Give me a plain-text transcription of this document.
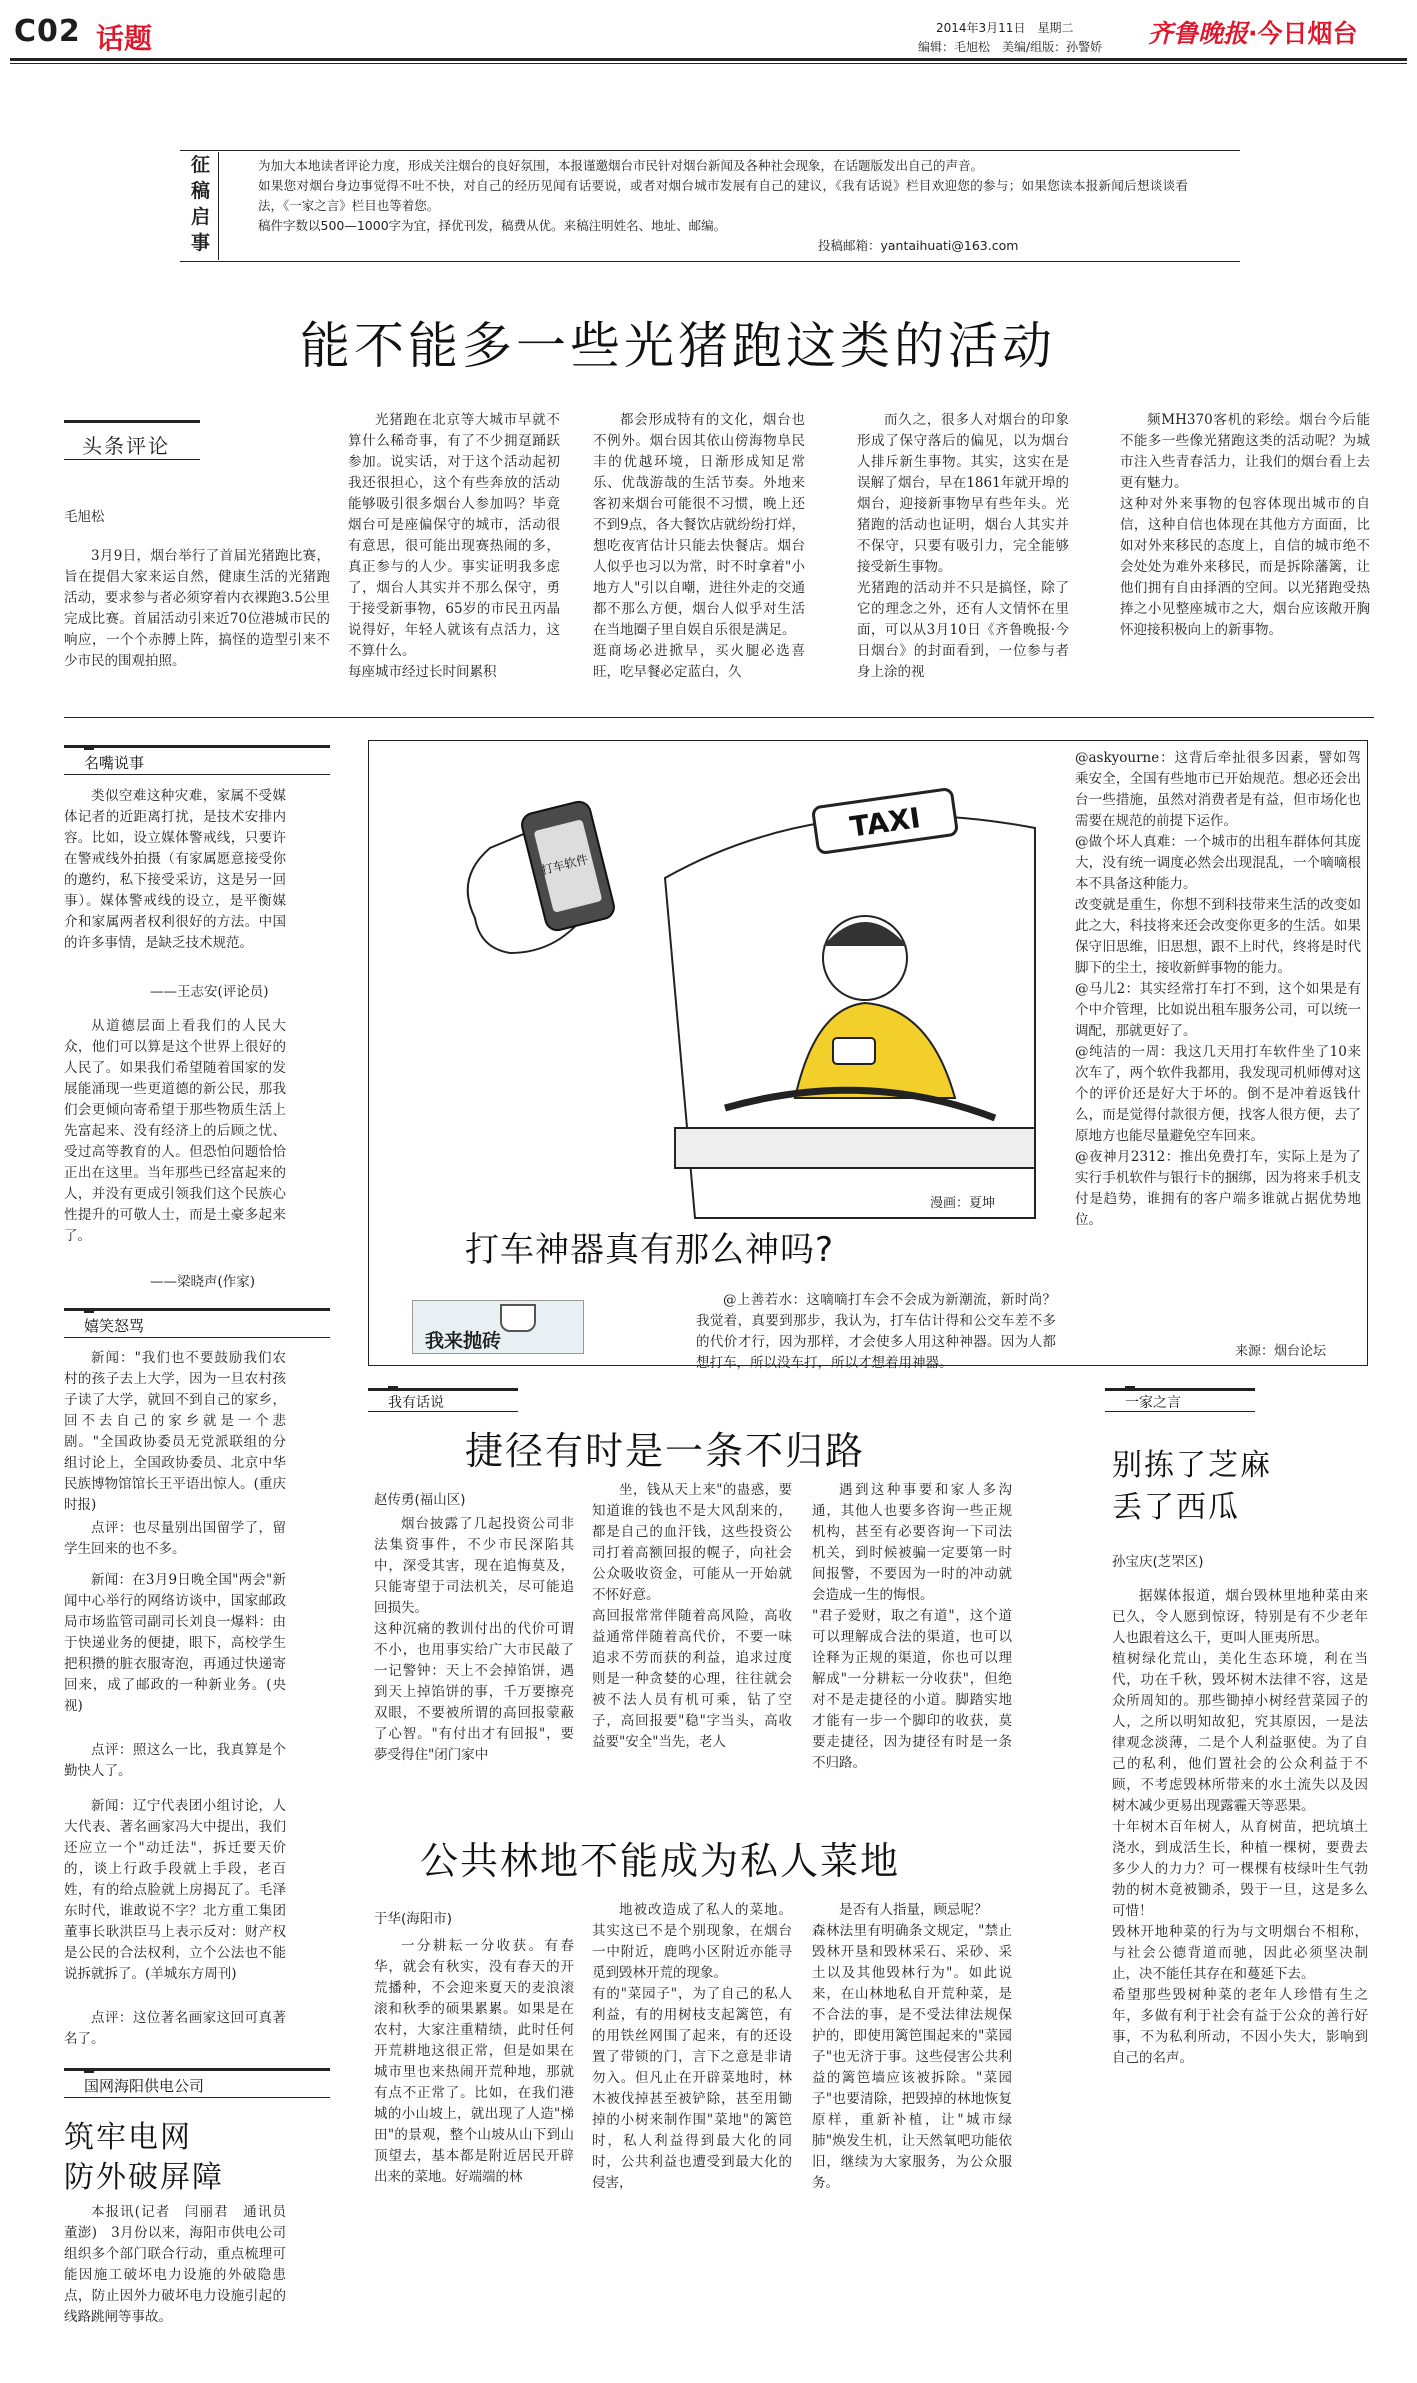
C02 话题	2014年3月11日　 星期二
编辑：毛旭松　 美编/组版：孙警娇 齐鲁晚报·今日烟台
征
稿
启
事
为加大本地读者评论力度，形成关注烟台的良好氛围，本报谨邀烟台市民针对烟台新闻及各种社会现象，在话题版发出自己的声音。
如果您对烟台身边事觉得不吐不快，对自己的经历见闻有话要说，或者对烟台城市发展有自己的建议，《我有话说》栏目欢迎您的参与；如果您读本报新闻后想谈谈看法，《一家之言》栏目也等着您。
稿件字数以500—1000字为宜，择优刊发，稿费从优。来稿注明姓名、地址、邮编。
投稿邮箱：yantaihuati@163.com
能不能多一些光猪跑这类的活动
头条评论
毛旭松
3月9日，烟台举行了首届光猪跑比赛，旨在提倡大家来运自然，健康生活的光猪跑活动，要求参与者必须穿着内衣裸跑3.5公里完成比赛。首届活动引来近70位港城市民的响应，一个个赤膊上阵，搞怪的造型引来不少市民的围观拍照。
光猪跑在北京等大城市早就不算什么稀奇事，有了不少拥趸踊跃参加。说实话，对于这个活动起初我还很担心，这个有些奔放的活动能够吸引很多烟台人参加吗？毕竟烟台可是座偏保守的城市，活动很有意思，很可能出现赛热闹的多，真正参与的人少。事实证明我多虑了，烟台人其实并不那么保守，勇于接受新事物，65岁的市民丑丙晶说得好，年轻人就该有点活力，这不算什么。
每座城市经过长时间累积
都会形成特有的文化，烟台也不例外。烟台因其依山傍海物阜民丰的优越环境，日渐形成知足常乐、优哉游哉的生活节奏。外地来客初来烟台可能很不习惯，晚上还不到9点，各大餐饮店就纷纷打烊，想吃夜宵估计只能去快餐店。烟台人似乎也习以为常，时不时拿着"小地方人"引以自嘲，进往外走的交通都不那么方便，烟台人似乎对生活在当地圈子里自娱自乐很是满足。
逛商场必进掀早，买火腿必选喜旺，吃早餐必定蓝白，久
而久之，很多人对烟台的印象形成了保守落后的偏见，以为烟台人排斥新生事物。其实，这实在是误解了烟台，早在1861年就开埠的烟台，迎接新事物早有些年头。光猪跑的活动也证明，烟台人其实并不保守，只要有吸引力，完全能够接受新生事物。
光猪跑的活动并不只是搞怪，除了它的理念之外，还有人文情怀在里面，可以从3月10日《齐鲁晚报·今日烟台》的封面看到，一位参与者身上涂的视
频MH370客机的彩绘。烟台今后能不能多一些像光猪跑这类的活动呢？为城市注入些青春活力，让我们的烟台看上去更有魅力。
这种对外来事物的包容体现出城市的自信，这种自信也体现在其他方方面面，比如对外来移民的态度上，自信的城市绝不会处处为难外来移民，而是拆除藩篱，让他们拥有自由择酒的空间。以光猪跑受热捧之小见整座城市之大，烟台应该敞开胸怀迎接积极向上的新事物。
名嘴说事
类似空难这种灾难，家属不受媒体记者的近距离打扰，是技术安排内容。比如，设立媒体警戒线，只要许在警戒线外拍摄（有家属愿意接受你的邀约，私下接受采访，这是另一回事）。媒体警戒线的设立，是平衡媒介和家属两者权利很好的方法。中国的许多事情，是缺乏技术规范。
——王志安(评论员)
从道德层面上看我们的人民大众，他们可以算是这个世界上很好的人民了。如果我们希望随着国家的发展能涌现一些更道德的新公民，那我们会更倾向寄希望于那些物质生活上先富起来、没有经济上的后顾之忧、受过高等教育的人。但恐怕问题恰恰正出在这里。当年那些已经富起来的人，并没有更成引领我们这个民族心性提升的可敬人士，而是土豪多起来了。
——梁晓声(作家)
嬉笑怒骂
新闻："我们也不要鼓励我们农村的孩子去上大学，因为一旦农村孩子读了大学，就回不到自己的家乡，回不去自己的家乡就是一个悲剧。"全国政协委员无党派联组的分组讨论上，全国政协委员、北京中华民族博物馆馆长王平语出惊人。(重庆时报)
点评：也尽量别出国留学了，留学生回来的也不多。
新闻：在3月9日晚全国"两会"新闻中心举行的网络访谈中，国家邮政局市场监管司副司长刘良一爆料：由于快递业务的便捷，眼下，高校学生把积攒的脏衣服寄泡，再通过快递寄回来，成了邮政的一种新业务。(央视)
点评：照这么一比，我真算是个勤快人了。
新闻：辽宁代表团小组讨论，人大代表、著名画家冯大中提出，我们还应立一个"动迁法"，拆迁要天价的，谈上行政手段就上手段，老百姓，有的给点脸就上房揭瓦了。毛泽东时代，谁敢说不字？北方重工集团董事长耿洪臣马上表示反对：财产权是公民的合法权利，立个公法也不能说拆就拆了。(羊城东方周刊)
点评：这位著名画家这回可真著名了。
国网海阳供电公司
筑牢电网
防外破屏障
本报讯(记者　闫丽君　通讯员　董澎)　3月份以来，海阳市供电公司组织多个部门联合行动，重点梳理可能因施工破坏电力设施的外破隐患点，防止因外力破坏电力设施引起的线路跳闸等事故。
打车软件
TAXI
漫画：夏坤
打车神器真有那么神吗?
我来抛砖
@上善若水：这嘀嘀打车会不会成为新潮流，新时尚？我觉着，真要到那步，我认为，打车估计得和公交车差不多的代价才行，因为那样，才会使多人用这种神器。因为人都想打车，所以没车打，所以才想着用神器。
@askyourne：这背后牵扯很多因素，譬如驾乘安全，全国有些地市已开始规范。想必还会出台一些措施，虽然对消费者是有益，但市场化也需要在规范的前提下运作。
@做个坏人真难：一个城市的出租车群体何其庞大，没有统一调度必然会出现混乱，一个嘀嘀根本不具备这种能力。
改变就是重生，你想不到科技带来生活的改变如此之大，科技将来还会改变你更多的生活。如果保守旧思维，旧思想，跟不上时代，终将是时代脚下的尘土，接收新鲜事物的能力。
@马儿2：其实经常打车打不到，这个如果是有个中介管理，比如说出租车服务公司，可以统一调配，那就更好了。
@纯洁的一周：我这几天用打车软件坐了10来次车了，两个软件我都用，我发现司机师傅对这个的评价还是好大于坏的。倒不是冲着返钱什么，而是觉得付款很方便，找客人很方便，去了原地方也能尽量避免空车回来。
@夜神月2312：推出免费打车，实际上是为了实行手机软件与银行卡的捆绑，因为将来手机支付是趋势，谁拥有的客户端多谁就占据优势地位。
来源：烟台论坛
我有话说
捷径有时是一条不归路
赵传勇(福山区)
烟台披露了几起投资公司非法集资事件，不少市民深陷其中，深受其害，现在追悔莫及，只能寄望于司法机关，尽可能追回损失。
这种沉痛的教训付出的代价可谓不小，也用事实给广大市民敲了一记警钟：天上不会掉馅饼，遇到天上掉馅饼的事，千万要擦亮双眼，不要被所谓的高回报蒙蔽了心智。"有付出才有回报"，要夢受得住"闭门家中
坐，钱从天上来"的蛊惑，要知道谁的钱也不是大风刮来的，都是自己的血汗钱，这些投资公司打着高额回报的幌子，向社会公众吸收资金，可能从一开始就不怀好意。
高回报常常伴随着高风险，高收益通常伴随着高代价，不要一味追求不劳而获的利益，追求过度则是一种贪婪的心理，往往就会被不法人员有机可乘，钻了空子，高回报要"稳"字当头，高收益要"安全"当先，老人
遇到这种事要和家人多沟通，其他人也要多咨询一些正规机构，甚至有必要咨询一下司法机关，到时候被骗一定要第一时间报警，不要因为一时的冲动就会造成一生的悔恨。
"君子爱财，取之有道"，这个道可以理解成合法的渠道，也可以诠释为正规的渠道，你也可以理解成"一分耕耘一分收获"，但绝对不是走捷径的小道。脚踏实地才能有一步一个脚印的收获，莫要走捷径，因为捷径有时是一条不归路。
公共林地不能成为私人菜地
于华(海阳市)
一分耕耘一分收获。有春华，就会有秋实，没有春天的开荒播种，不会迎来夏天的麦浪滚滚和秋季的硕果累累。如果是在农村，大家注重精绩，此时任何开荒耕地这很正常，但是如果在城市里也来热闹开荒种地，那就有点不正常了。比如，在我们港城的小山坡上，就出现了人造"梯田"的景观，整个山坡从山下到山顶望去，基本都是附近居民开辟出来的菜地。好端端的林
地被改造成了私人的菜地。其实这已不是个别现象，在烟台一中附近，鹿鸣小区附近亦能寻觅到毁林开荒的现象。
有的"菜园子"，为了自己的私人利益，有的用树枝支起篱笆，有的用铁丝网围了起来，有的还设置了带锁的门，言下之意是非请勿入。但凡止在开辟菜地时，林木被伐掉甚至被铲除，甚至用锄掉的小树来制作围"菜地"的篱笆时，私人利益得到最大化的同时，公共利益也遭受到最大化的侵害，
是否有人指量，顾忌呢？
森林法里有明确条文规定，"禁止毁林开垦和毁林采石、采砂、采土以及其他毁林行为"。如此说来，在山林地私自开荒种菜，是不合法的事，是不受法律法规保护的，即使用篱笆围起来的"菜园子"也无济于事。这些侵害公共利益的篱笆墙应该被拆除。"菜园子"也要清除，把毁掉的林地恢复原样，重新补植，让"城市绿肺"焕发生机，让天然氧吧功能依旧，继续为大家服务，为公众服务。
一家之言
别拣了芝麻
丢了西瓜
孙宝庆(芝罘区)
据媒体报道，烟台毁林里地种菜由来已久，令人愿到惊讶，特别是有不少老年人也跟着这么干，更叫人匪夷所思。
植树绿化荒山，美化生态环境，利在当代，功在千秋，毁坏树木法律不容，这是众所周知的。那些锄掉小树经营菜园子的人，之所以明知故犯，究其原因，一是法律观念淡薄，二是个人利益驱使。为了自己的私利，他们置社会的公众利益于不顾，不考虑毁林所带来的水土流失以及因树木减少更易出现露霾天等恶果。
十年树木百年树人，从育树苗，把坑填土浇水，到成活生长，种植一棵树，要费去多少人的力力？可一棵棵有枝绿叶生气勃勃的树木竟被锄杀，毁于一旦，这是多么可惜！
毁林开地种菜的行为与文明烟台不相称，与社会公德背道而驰，因此必须坚决制止，决不能任其存在和蔓延下去。
希望那些毁树种菜的老年人珍惜有生之年，多做有利于社会有益于公众的善行好事，不为私利所动，不因小失大，影响到自己的名声。
